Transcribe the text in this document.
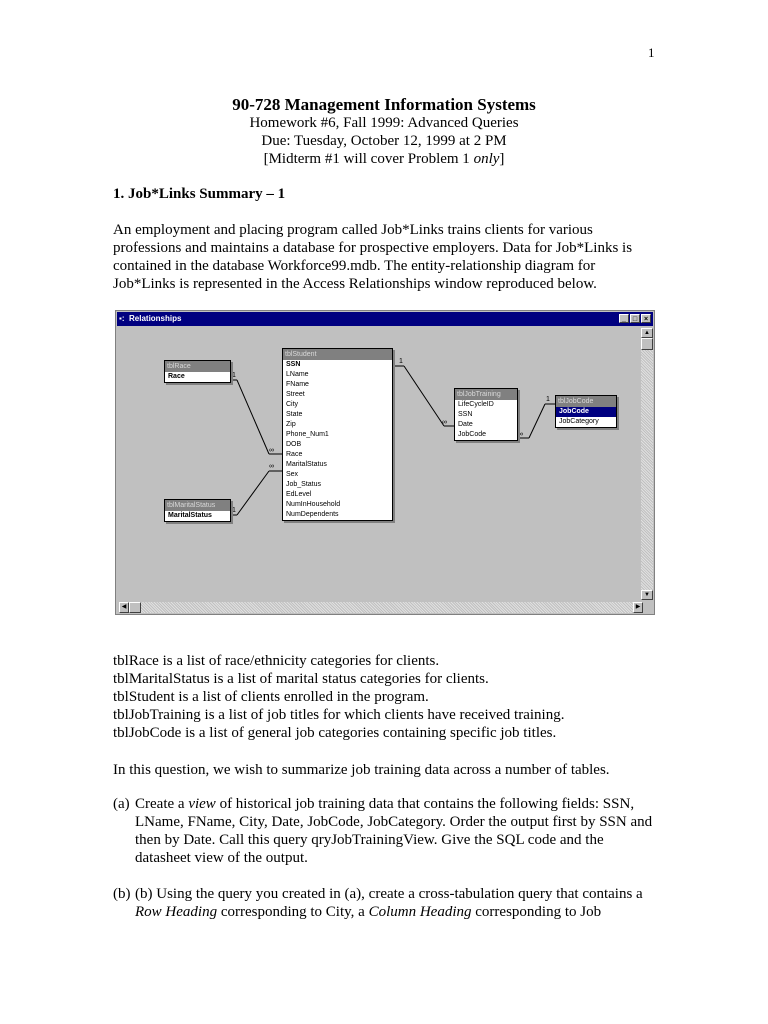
1
90-728 Management Information Systems
Homework #6, Fall 1999: Advanced Queries
Due: Tuesday, October 12, 1999 at 2 PM
[Midterm #1 will cover Problem 1 only]
1. Job*Links Summary – 1
An employment and placing program called Job*Links trains clients for various professions and maintains a database for prospective employers. Data for Job*Links is contained in the database Workforce99.mdb. The entity-relationship diagram for Job*Links is represented in the Access Relationships window reproduced below.
▪: Relationships	_ □ ×
1
1
∞
∞
1
∞
1
∞
tblRace
Race
tblMaritalStatus
MaritalStatus
tblStudent
SSN
LName
FName
Street
City
State
Zip
Phone_Num1
DOB
Race
MaritalStatus
Sex
Job_Status
EdLevel
NumInHousehold
NumDependents
tblJobTraining
LifeCycleID
SSN
Date
JobCode
tblJobCode
JobCode
JobCategory
▲
▼
◀	▶
tblRace is a list of race/ethnicity categories for clients.
tblMaritalStatus is a list of marital status categories for clients.
tblStudent is a list of clients enrolled in the program.
tblJobTraining is a list of job titles for which clients have received training.
tblJobCode is a list of general job categories containing specific job titles.
In this question, we wish to summarize job training data across a number of tables.
(a) Create a view of historical job training data that contains the following fields: SSN, LName, FName, City, Date, JobCode, JobCategory. Order the output first by SSN and then by Date. Call this query qryJobTrainingView. Give the SQL code and the datasheet view of the output.
(b) (b) Using the query you created in (a), create a cross-tabulation query that contains a Row Heading corresponding to City, a Column Heading corresponding to Job
